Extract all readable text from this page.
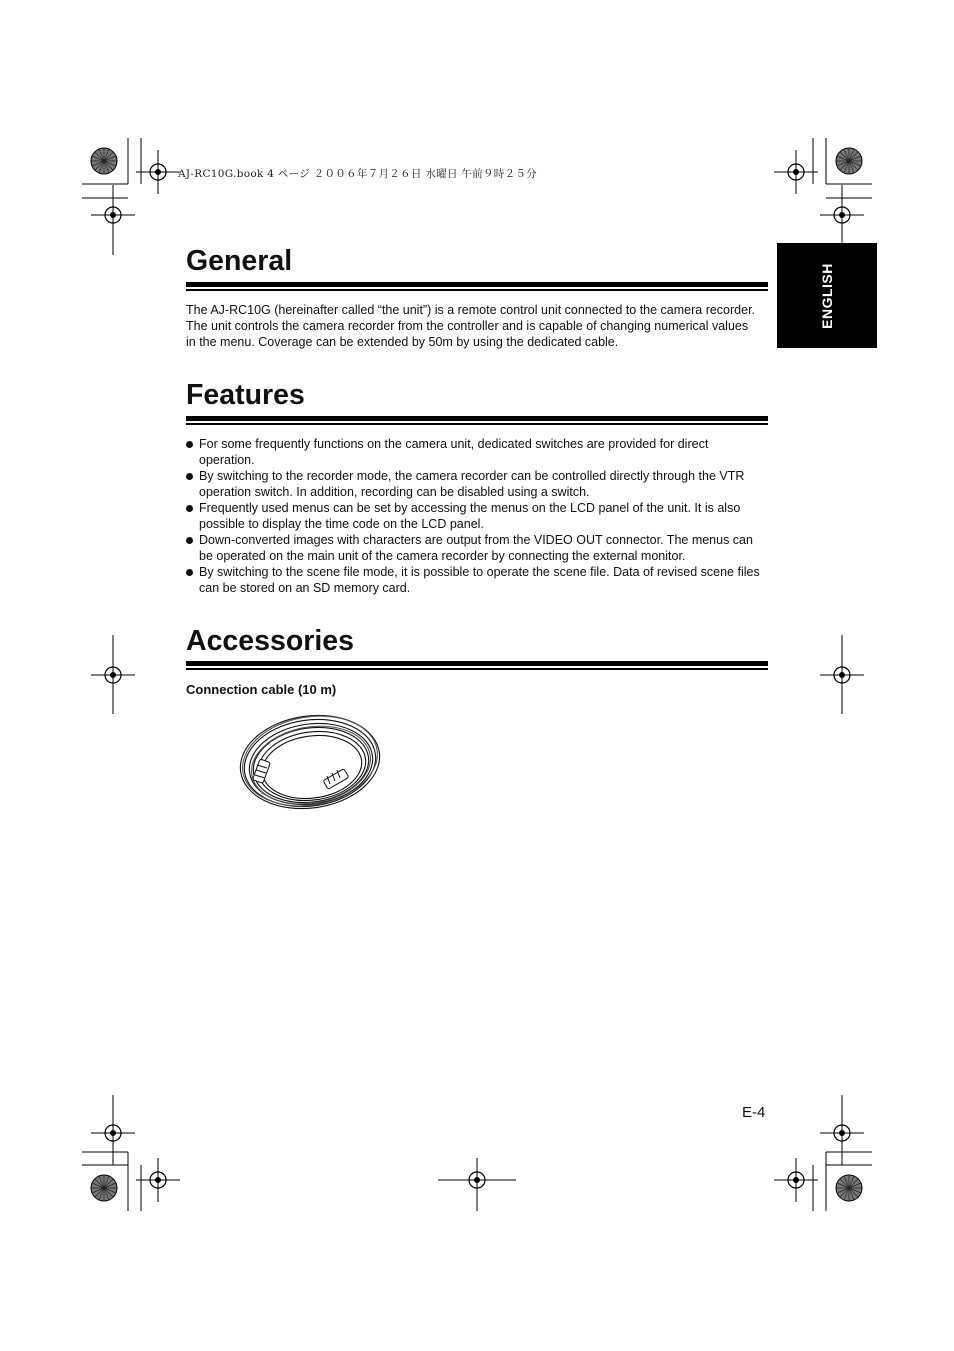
AJ-RC10G.book 4 ページ ２００６年７月２６日 水曜日 午前９時２５分
ENGLISH
General
The AJ-RC10G (hereinafter called “the unit”) is a remote control unit connected to the camera recorder.
The unit controls the camera recorder from the controller and is capable of changing numerical values
in the menu. Coverage can be extended by 50m by using the dedicated cable.
Features
For some frequently functions on the camera unit, dedicated switches are provided for direct
operation.
By switching to the recorder mode, the camera recorder can be controlled directly through the VTR
operation switch. In addition, recording can be disabled using a switch.
Frequently used menus can be set by accessing the menus on the LCD panel of the unit. It is also
possible to display the time code on the LCD panel.
Down-converted images with characters are output from the VIDEO OUT connector. The menus can
be operated on the main unit of the camera recorder by connecting the external monitor.
By switching to the scene file mode, it is possible to operate the scene file. Data of revised scene files
can be stored on an SD memory card.
Accessories
Connection cable (10 m)
E-4
